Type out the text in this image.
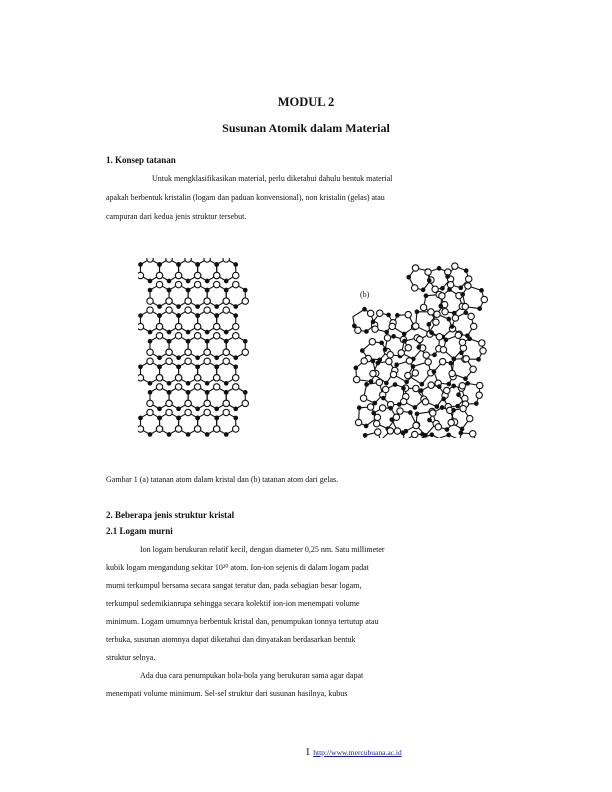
MODUL 2
Susunan Atomik dalam Material
1. Konsep tatanan
Untuk mengklasifikasikan material, perlu diketahui dahulu bentuk material
apakah berbentuk kristalin (logam dan paduan konvensional), non kristalin (gelas) atau
campuran dari kedua jenis struktur tersebut.
(b)
Gambar 1 (a) tatanan atom dalam kristal dan (b) tatanan atom dari gelas.
2. Beberapa jenis struktur kristal
2.1 Logam murni
Ion logam berukuran relatif kecil, dengan diameter 0,25 nm. Satu millimeter
kubik logam mengandung sekitar 10²⁰ atom. Ion-ion sejenis di dalam logam padat
murni terkumpul bersama secara sangat teratur dan, pada sebagian besar logam,
terkumpul sedemikianrupa sehingga secara kolektif ion-ion menempati volume
minimum. Logam umumnya berbentuk kristal dan, penumpukan ionnya tertutup atau
terbuka, susunan atomnya dapat diketahui dan dinyatakan berdasarkan bentuk
struktur selnya.
Ada dua cara penumpukan bola-bola yang berukuran sama agar dapat
menempati volume minimum. Sel-sel struktur dari susunan hasilnya, kubus
1 http://www.mercubuana.ac.id
